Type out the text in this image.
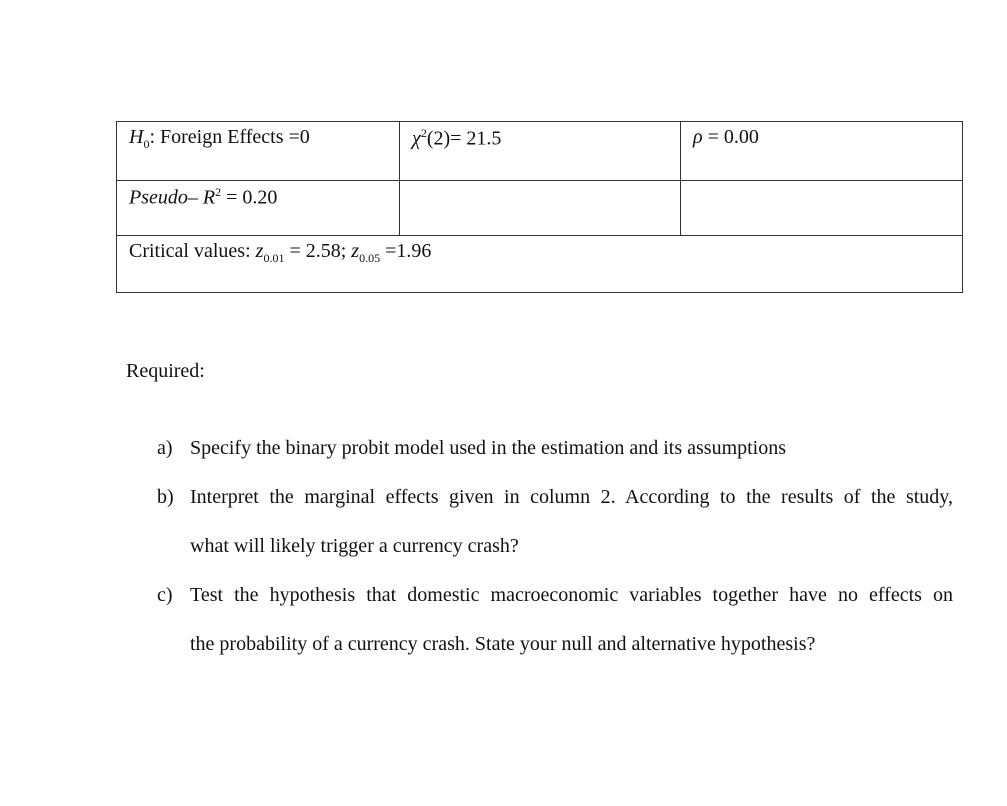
$H_0$: Foreign Effects =0	$\chi^2(2)= 21.5$	ρ = 0.00
Pseudo– $R^2 = 0.20$		
Critical values: $z_{0.01} = 2.58$; $z_{0.05} =1.96$		
Required:
a) Specify the binary probit model used in the estimation and its assumptions
b) Interpret the marginal effects given in column 2. According to the results of the study,
what will likely trigger a currency crash?
c) Test the hypothesis that domestic macroeconomic variables together have no effects on
the probability of a currency crash. State your null and alternative hypothesis?
